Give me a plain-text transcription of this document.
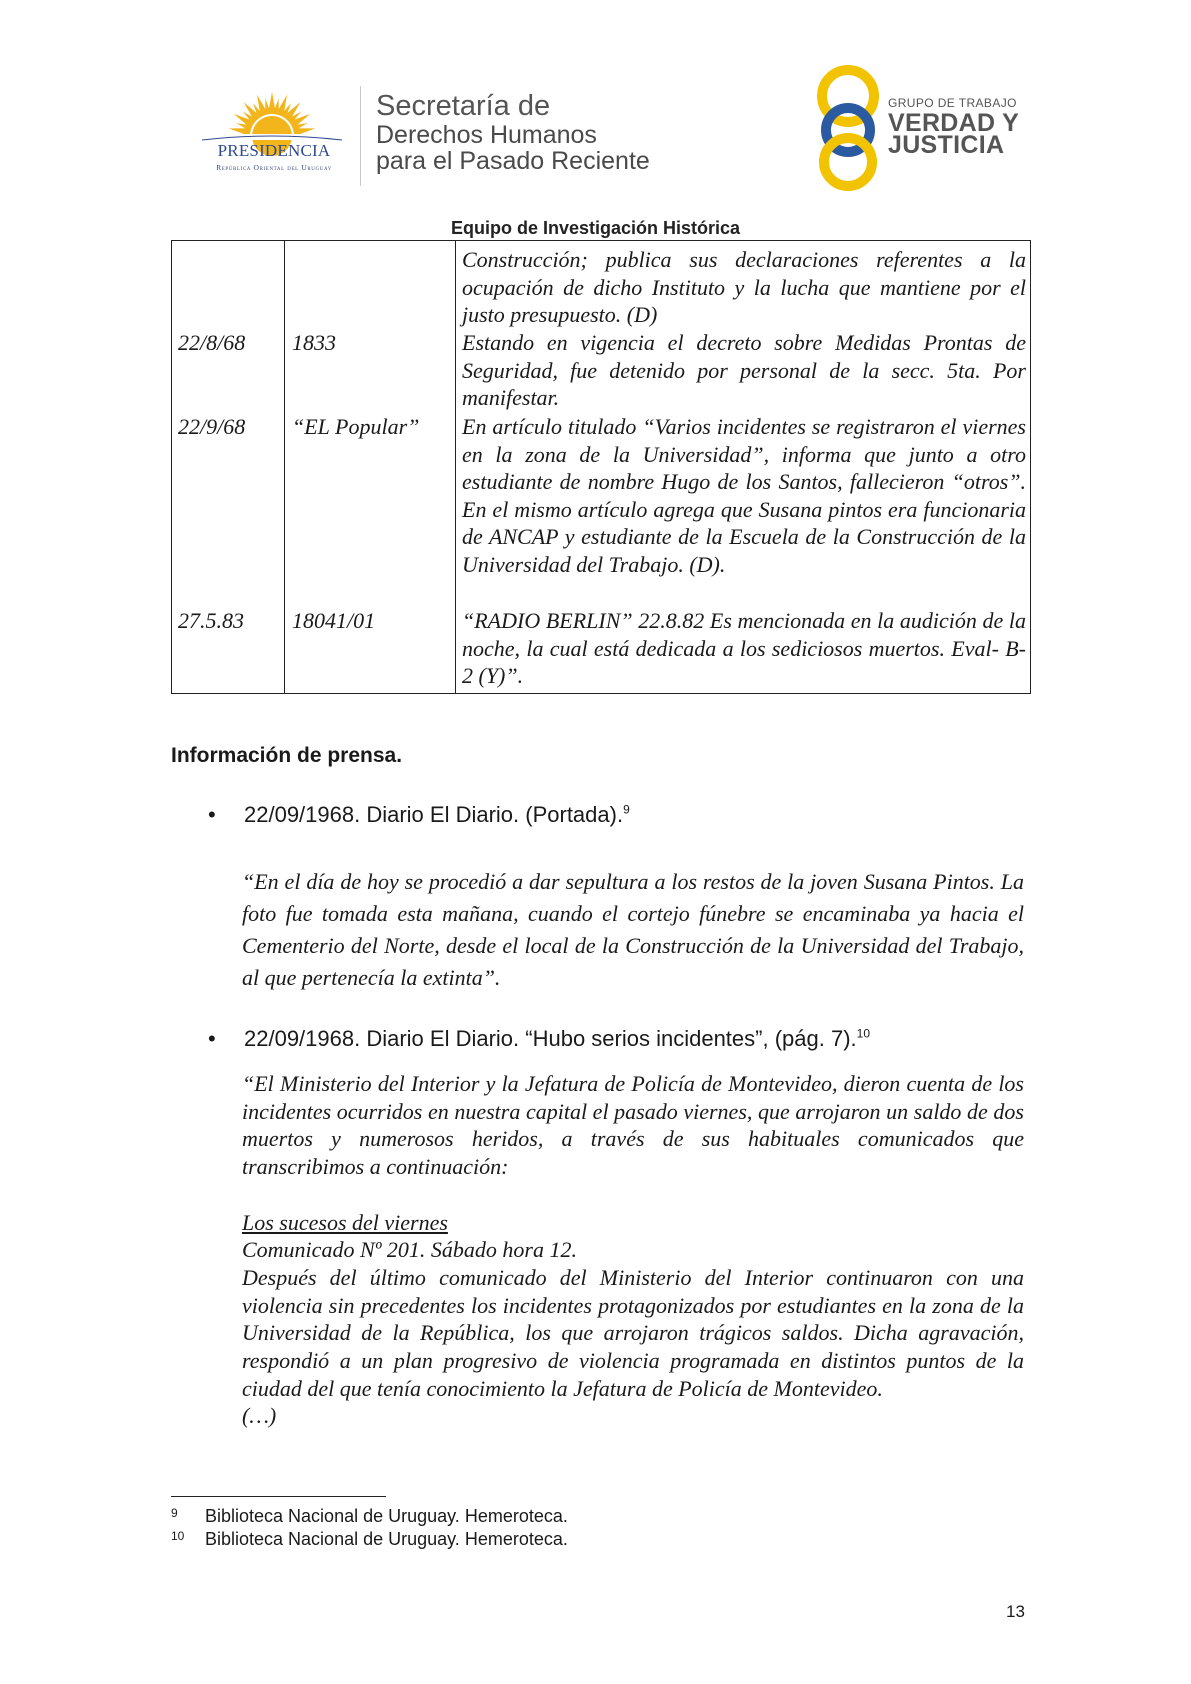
PRESIDENCIA
República Oriental del Uruguay
Secretaría de
Derechos Humanos
para el Pasado Reciente
GRUPO DE TRABAJO
VERDAD Y
JUSTICIA
Equipo de Investigación Histórica

Construcción; publica sus declaraciones referentes a la ocupación de dicho Instituto y la lucha que mantiene por el justo presupuesto. (D)

22/8/68 1833	Estando en vigencia el decreto sobre Medidas Prontas de Seguridad, fue detenido por personal de la secc. 5ta. Por manifestar.

22/9/68 “EL Popular” En artículo titulado “Varios incidentes se registraron el viernes en la zona de la Universidad”, informa que junto a otro estudiante de nombre Hugo de los Santos, fallecieron “otros”. En el mismo artículo agrega que Susana pintos era funcionaria de ANCAP y estudiante de la Escuela de la Construcción de la Universidad del Trabajo. (D).

27.5.83 18041/01	“RADIO BERLIN” 22.8.82 Es mencionada en la audición de la noche, la cual está dedicada a los sediciosos muertos. Eval- B- 2 (Y)”.

Información de prensa.
• 22/09/1968. Diario El Diario. (Portada).$^9$

“En el día de hoy se procedió a dar sepultura a los restos de la joven Susana Pintos. La foto fue tomada esta mañana, cuando el cortejo fúnebre se encaminaba ya hacia el Cementerio del Norte, desde el local de la Construcción de la Universidad del Trabajo, al que pertenecía la extinta”.

• 22/09/1968. Diario El Diario. “Hubo serios incidentes”, (pág. 7).$^{10}$

“El Ministerio del Interior y la Jefatura de Policía de Montevideo, dieron cuenta de los incidentes ocurridos en nuestra capital el pasado viernes, que arrojaron un saldo de dos muertos y numerosos heridos, a través de sus habituales comunicados que transcribimos a continuación:

Los sucesos del viernes

Comunicado Nº 201. Sábado hora 12.

Después del último comunicado del Ministerio del Interior continuaron con una violencia sin precedentes los incidentes protagonizados por estudiantes en la zona de la Universidad de la República, los que arrojaron trágicos saldos. Dicha agravación, respondió a un plan progresivo de violencia programada en distintos puntos de la ciudad del que tenía conocimiento la Jefatura de Policía de Montevideo.

(…)

9 Biblioteca Nacional de Uruguay. Hemeroteca.
10 Biblioteca Nacional de Uruguay. Hemeroteca.
13
